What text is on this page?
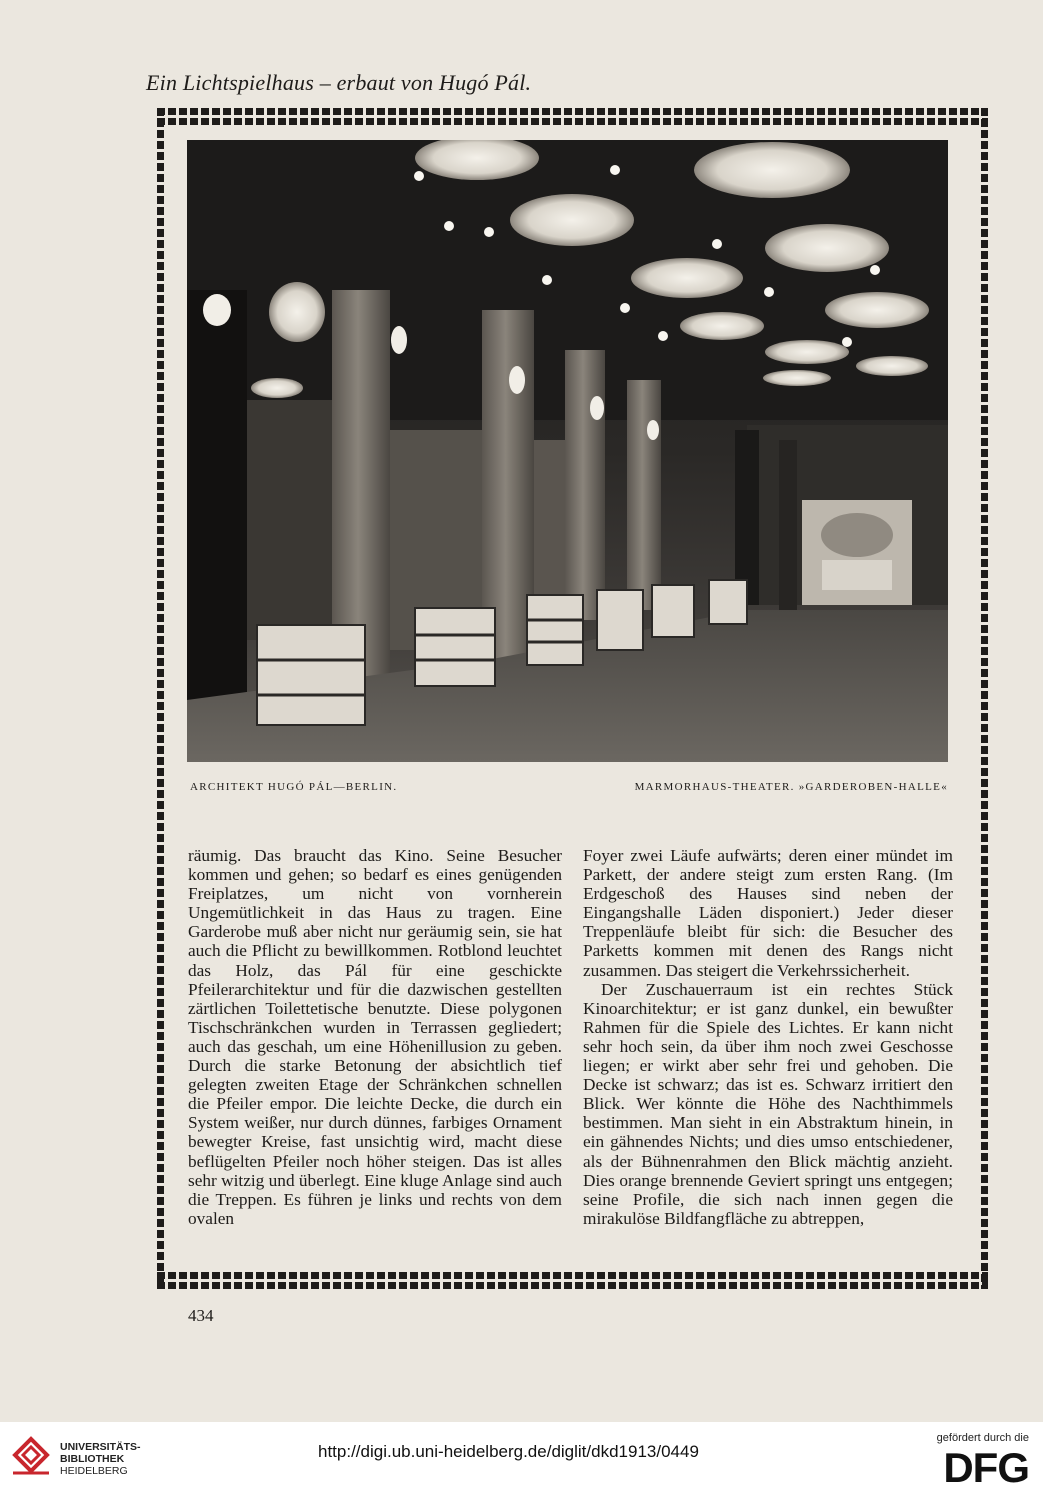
Ein Lichtspielhaus – erbaut von Hugó Pál.
ARCHITEKT HUGÓ PÁL—BERLIN.	MARMORHAUS-THEATER. »GARDEROBEN-HALLE«

räumig. Das braucht das Kino. Seine Besucher kommen und gehen; so bedarf es eines genügenden Freiplatzes, um nicht von vornherein Ungemütlichkeit in das Haus zu tragen. Eine Garderobe muß aber nicht nur geräumig sein, sie hat auch die Pflicht zu bewillkommen. Rotblond leuchtet das Holz, das Pál für eine geschickte Pfeilerarchitektur und für die dazwischen gestellten zärtlichen Toilettetische benutzte. Diese polygonen Tischschränkchen wurden in Terrassen gegliedert; auch das geschah, um eine Höhenillusion zu geben. Durch die starke Betonung der absichtlich tief gelegten zweiten Etage der Schränkchen schnellen die Pfeiler empor. Die leichte Decke, die durch ein System weißer, nur durch dünnes, farbiges Ornament bewegter Kreise, fast unsichtig wird, macht diese beflügelten Pfeiler noch höher steigen. Das ist alles sehr witzig und überlegt. Eine kluge Anlage sind auch die Treppen. Es führen je links und rechts von dem ovalen

Foyer zwei Läufe aufwärts; deren einer mündet im Parkett, der andere steigt zum ersten Rang. (Im Erdgeschoß des Hauses sind neben der Eingangshalle Läden disponiert.) Jeder dieser Treppenläufe bleibt für sich: die Besucher des Parketts kommen mit denen des Rangs nicht zusammen. Das steigert die Verkehrssicherheit.

Der Zuschauerraum ist ein rechtes Stück Kinoarchitektur; er ist ganz dunkel, ein bewußter Rahmen für die Spiele des Lichtes. Er kann nicht sehr hoch sein, da über ihm noch zwei Geschosse liegen; er wirkt aber sehr frei und gehoben. Die Decke ist schwarz; das ist es. Schwarz irritiert den Blick. Wer könnte die Höhe des Nachthimmels bestimmen. Man sieht in ein Abstraktum hinein, in ein gähnendes Nichts; und dies umso entschiedener, als der Bühnenrahmen den Blick mächtig anzieht. Dies orange brennende Geviert springt uns entgegen; seine Profile, die sich nach innen gegen die mirakulöse Bildfangfläche zu abtreppen,

434
UNIVERSITÄTS-
BIBLIOTHEK
HEIDELBERG
http://digi.ub.uni-heidelberg.de/diglit/dkd1913/0449
gefördert durch die
DFG
